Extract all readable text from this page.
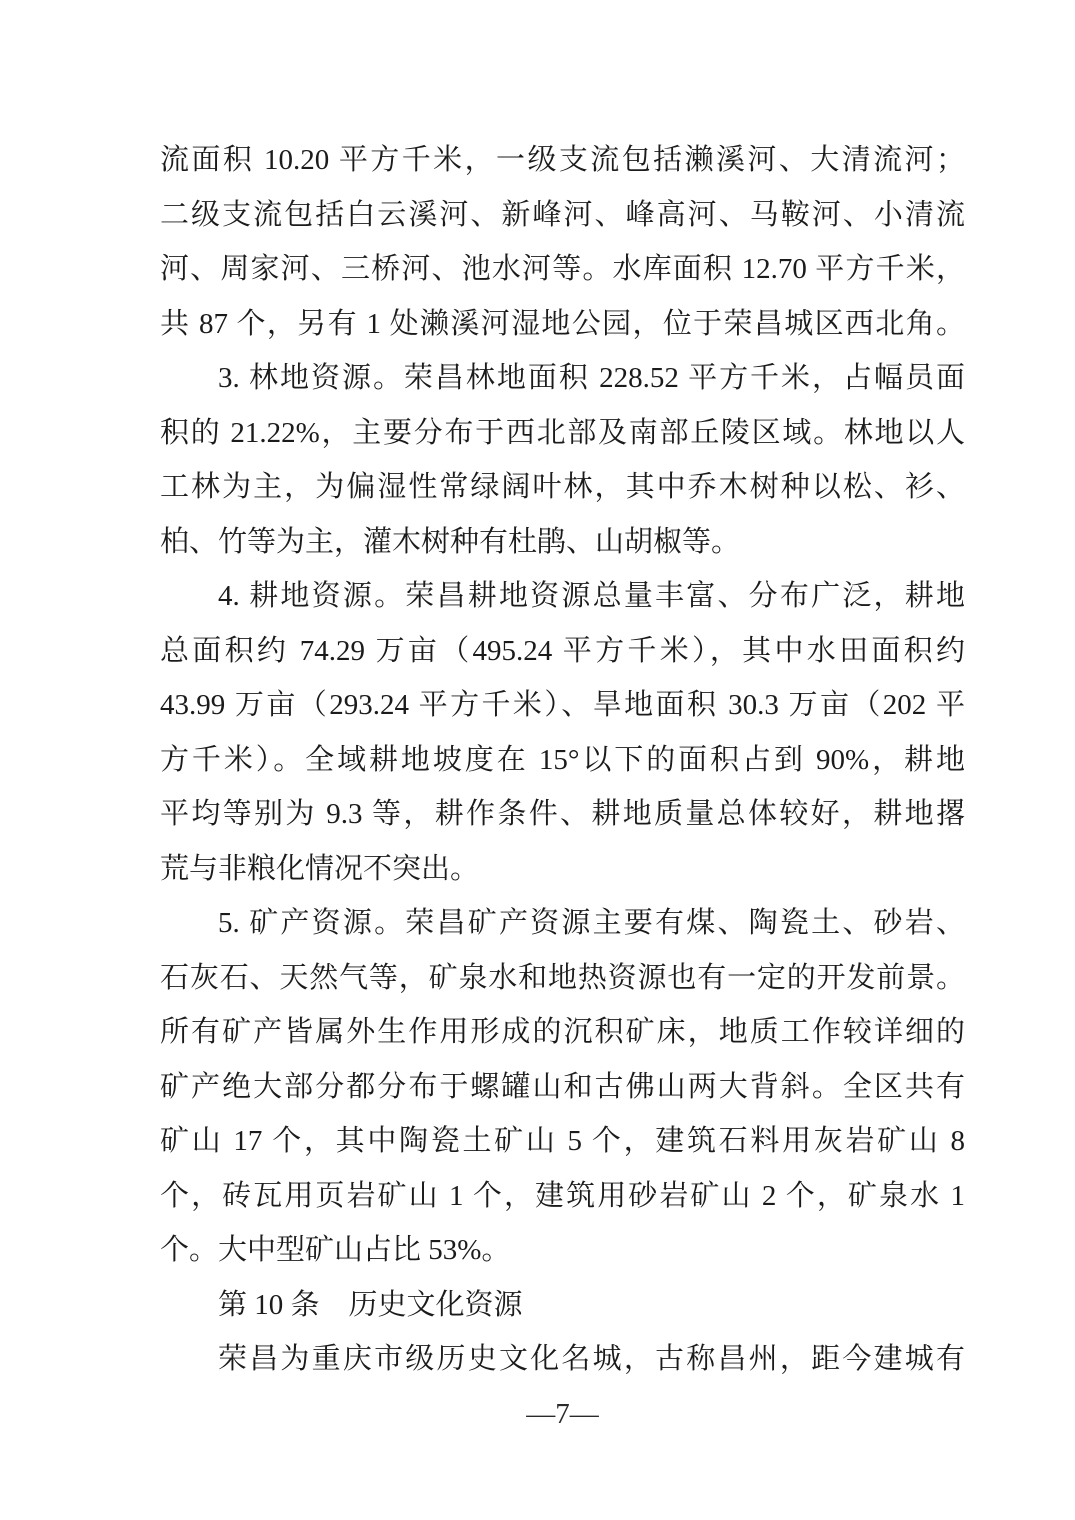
流面积 10.20 平方千米，一级支流包括濑溪河、大清流河；
二级支流包括白云溪河、新峰河、峰高河、马鞍河、小清流
河、周家河、三桥河、池水河等。水库面积 12.70 平方千米，
共 87 个，另有 1 处濑溪河湿地公园，位于荣昌城区西北角。
3. 林地资源。荣昌林地面积 228.52 平方千米，占幅员面
积的 21.22%，主要分布于西北部及南部丘陵区域。林地以人
工林为主，为偏湿性常绿阔叶林，其中乔木树种以松、衫、
柏、竹等为主，灌木树种有杜鹃、山胡椒等。
4. 耕地资源。荣昌耕地资源总量丰富、分布广泛，耕地
总面积约 74.29 万亩（495.24 平方千米），其中水田面积约
43.99 万亩（293.24 平方千米）、旱地面积 30.3 万亩（202 平
方千米）。全域耕地坡度在 15°以下的面积占到 90%，耕地
平均等别为 9.3 等，耕作条件、耕地质量总体较好，耕地撂
荒与非粮化情况不突出。
5. 矿产资源。荣昌矿产资源主要有煤、陶瓷土、砂岩、
石灰石、天然气等，矿泉水和地热资源也有一定的开发前景。
所有矿产皆属外生作用形成的沉积矿床，地质工作较详细的
矿产绝大部分都分布于螺罐山和古佛山两大背斜。全区共有
矿山 17 个，其中陶瓷土矿山 5 个，建筑石料用灰岩矿山 8
个，砖瓦用页岩矿山 1 个，建筑用砂岩矿山 2 个，矿泉水 1
个。大中型矿山占比 53%。
第 10 条　历史文化资源
荣昌为重庆市级历史文化名城，古称昌州，距今建城有
—7—
